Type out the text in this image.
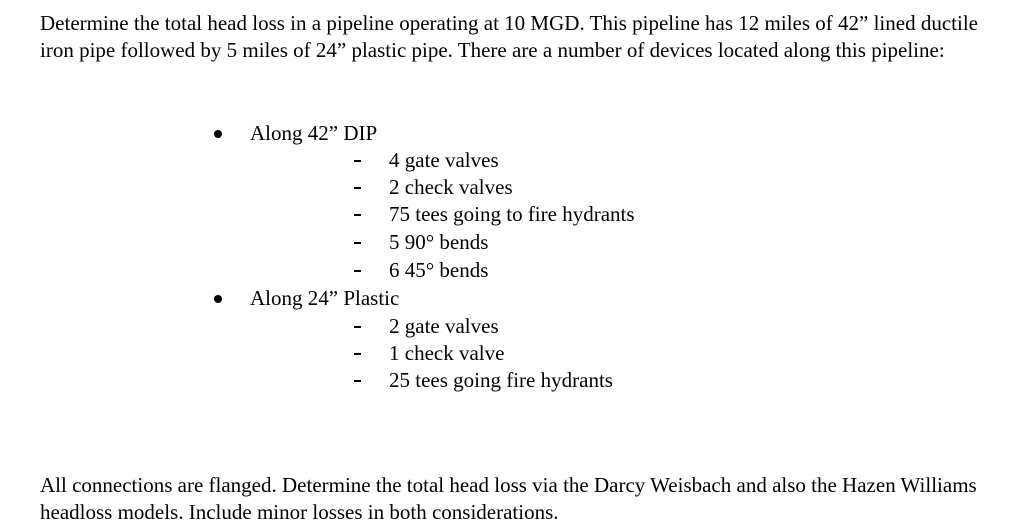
Determine the total head loss in a pipeline operating at 10 MGD. This pipeline has 12 miles of 42” lined ductile iron pipe followed by 5 miles of 24” plastic pipe. There are a number of devices located along this pipeline:

Along 42” DIP
4 gate valves
2 check valves
75 tees going to fire hydrants
5 90° bends
6 45° bends
Along 24” Plastic
2 gate valves
1 check valve
25 tees going fire hydrants

All connections are flanged. Determine the total head loss via the Darcy Weisbach and also the Hazen Williams headloss models. Include minor losses in both considerations.
